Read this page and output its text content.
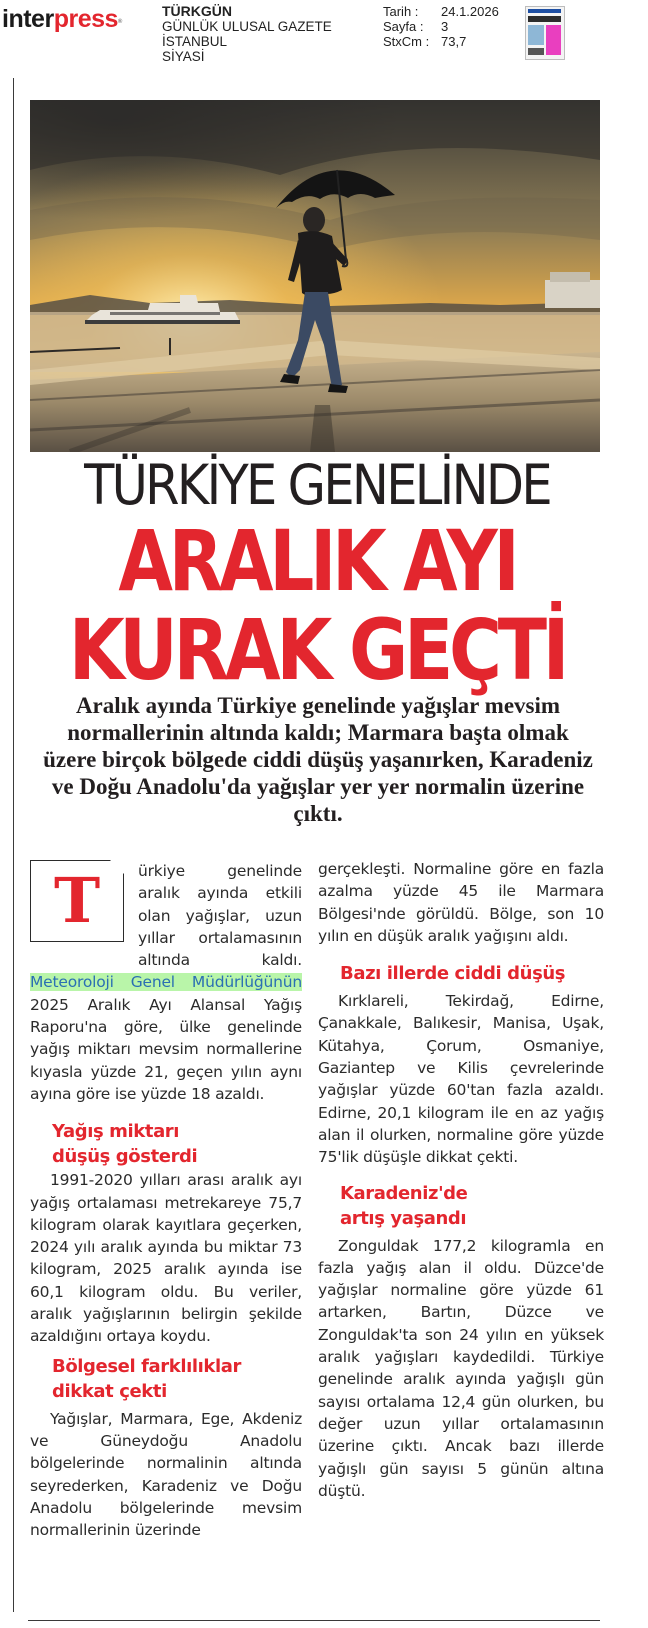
interpress®
TÜRKGÜN
GÜNLÜK ULUSAL GAZETE
İSTANBUL
SİYASİ
Tarih :	24.1.2026
Sayfa :	3
StxCm : 73,7
TÜRKİYE GENELİNDE
ARALIK AYI
KURAK GEÇTİ
Aralık ayında Türkiye genelinde yağışlar mevsim normallerinin altında kaldı; Marmara başta olmak üzere birçok bölgede ciddi düşüş yaşanırken, Karadeniz ve Doğu Anadolu'da yağışlar yer yer normalin üzerine çıktı.
T	ürkiye genelinde aralık ayında etkili olan yağışlar, uzun yıllar ortalamasının altında kaldı. Meteoroloji Genel Müdürlüğünün 2025 Aralık Ayı Alansal Yağış Raporu'na göre, ülke genelinde yağış miktarı mevsim normallerine kıyasla yüzde 21, geçen yılın aynı ayına göre ise yüzde 18 azaldı.

Yağış miktarı düşüş gösterdi

1991-2020 yılları arası aralık ayı yağış ortalaması metrekareye 75,7 kilogram olarak kayıtlara geçerken, 2024 yılı aralık ayında bu miktar 73 kilogram, 2025 aralık ayında ise 60,1 kilogram oldu. Bu veriler, aralık yağışlarının belirgin şekilde azaldığını ortaya koydu.

Bölgesel farklılıklar dikkat çekti

Yağışlar, Marmara, Ege, Akdeniz ve Güneydoğu Anadolu bölgelerinde normalinin altında seyrederken, Karadeniz ve Doğu Anadolu bölgelerinde mevsim normallerinin üzerinde

gerçekleşti. Normaline göre en fazla azalma yüzde 45 ile Marmara Bölgesi'nde görüldü. Bölge, son 10 yılın en düşük aralık yağışını aldı.

Bazı illerde ciddi düşüş

Kırklareli, Tekirdağ, Edirne, Çanakkale, Balıkesir, Manisa, Uşak, Kütahya, Çorum, Osmaniye, Gaziantep ve Kilis çevrelerinde yağışlar yüzde 60'tan fazla azaldı. Edirne, 20,1 kilogram ile en az yağış alan il olurken, normaline göre yüzde 75'lik düşüşle dikkat çekti.

Karadeniz'de artış yaşandı

Zonguldak 177,2 kilogramla en fazla yağış alan il oldu. Düzce'de yağışlar normaline göre yüzde 61 artarken, Bartın, Düzce ve Zonguldak'ta son 24 yılın en yüksek aralık yağışları kaydedildi. Türkiye genelinde aralık ayında yağışlı gün sayısı ortalama 12,4 gün olurken, bu değer uzun yıllar ortalamasının üzerine çıktı. Ancak bazı illerde yağışlı gün sayısı 5 günün altına düştü.
